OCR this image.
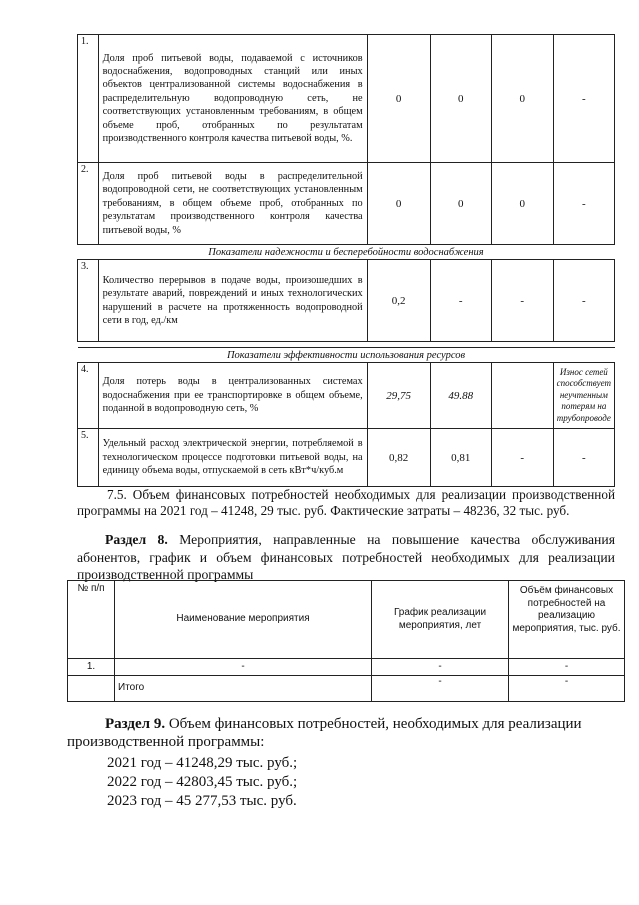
1.	Доля проб питьевой воды, подаваемой с источников водоснабжения, водопроводных станций или иных объектов централизованной системы водоснабжения в распределительную водопроводную сеть, не соответствующих установленным требованиям, в общем объеме проб, отобранных по результатам производственного контроля качества питьевой воды, %.	0	0	0	-
2.	Доля проб питьевой воды в распределительной водопроводной сети, не соответствующих установленным требованиям, в общем объеме проб, отобранных по результатам производственного контроля качества питьевой воды, %	0	0	0	-
Показатели надежности и бесперебойности водоснабжения					
3.	Количество перерывов в подаче воды, произошедших в результате аварий, повреждений и иных технологических нарушений в расчете на протяженность водопроводной сети в год, ед./км	0,2	-	-	-

Показатели эффективности использования ресурсов					
4.	Доля потерь воды в централизованных системах водоснабжения при ее транспортировке в общем объеме, поданной в водопроводную сеть, %	29,75	49.88		Износ сетей способствует неучтенным потерям на трубопроводе
5.	Удельный расход электрической энергии, потребляемой в технологическом процессе подготовки питьевой воды, на единицу объема воды, отпускаемой в сеть кВт*ч/куб.м	0,82	0,81	-	-
7.5. Объем финансовых потребностей необходимых для реализации производственной программы на 2021 год – 41248, 29 тыс. руб. Фактические затраты – 48236, 32 тыс. руб.
Раздел 8. Мероприятия, направленные на повышение качества обслуживания абонентов, график и объем финансовых потребностей необходимых для реализации производственной программы
№ п/п	Наименование мероприятия	График реализации мероприятия, лет	Объём финансовых потребностей на реализацию мероприятия, тыс. руб.
1.	-	-	-
	Итого	-	-
Раздел 9. Объем финансовых потребностей, необходимых для реализации производственной программы:
2021 год – 41248,29 тыс. руб.;
2022 год – 42803,45 тыс. руб.;
2023 год – 45 277,53 тыс. руб.
